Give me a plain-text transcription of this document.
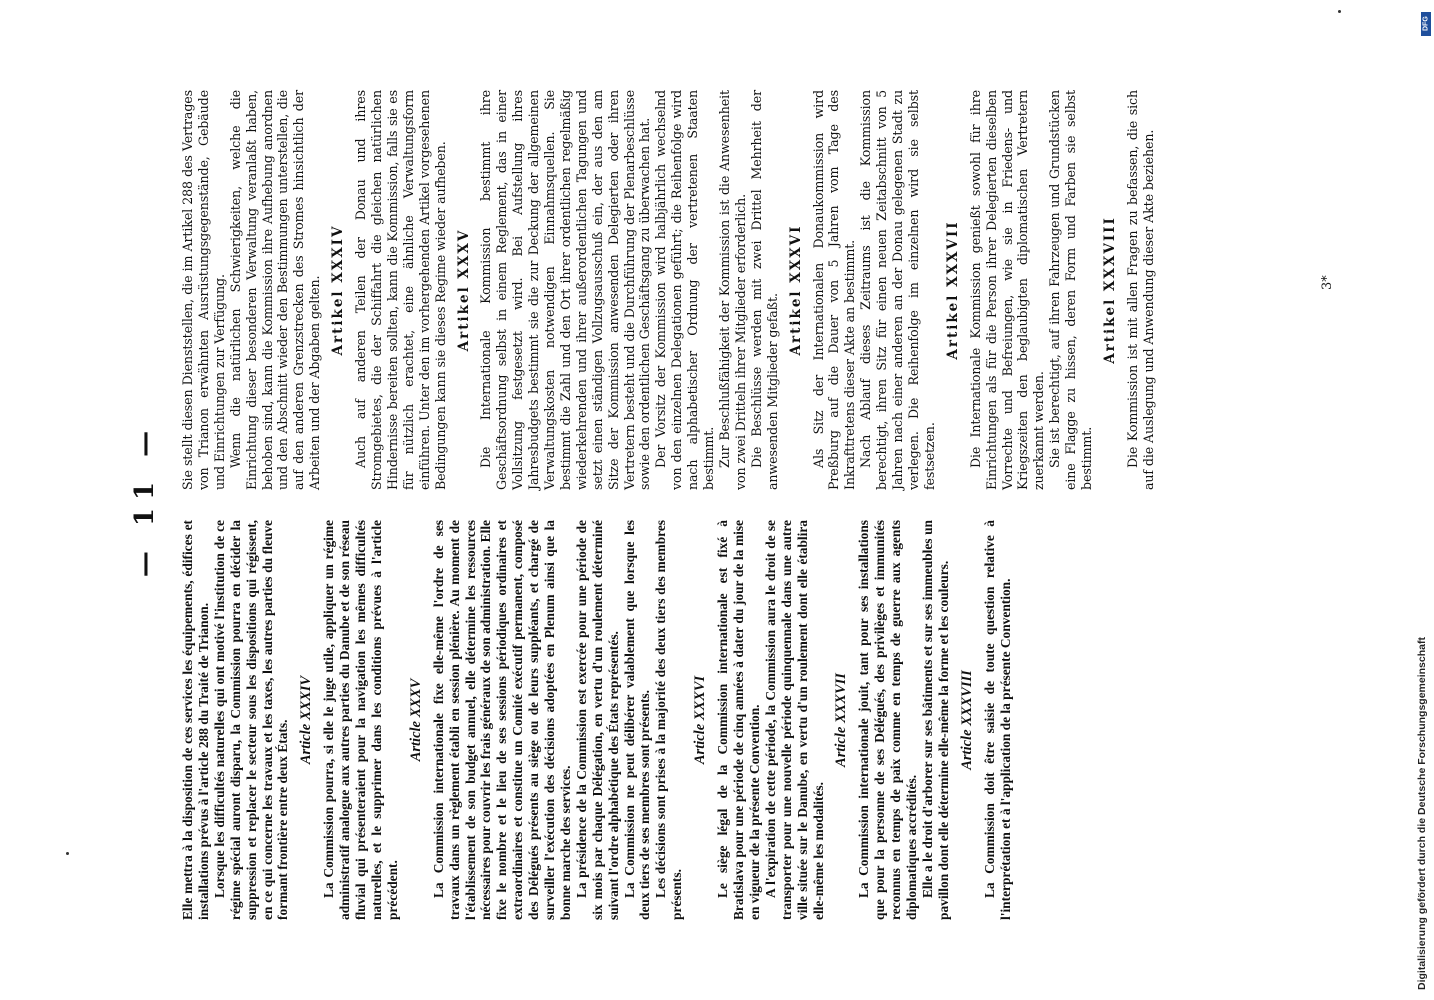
— 11 —

Elle mettra à la disposition de ces services les équipements, édifices et installations prévus à l'article 288 du Traité de Trianon. Lorsque les difficultés naturelles qui ont motivé l'institution de ce régime spécial auront disparu, la Commission pourra en décider la suppression et replacer le secteur sous les dispositions qui régissent, en ce qui concerne les travaux et les taxes, les autres parties du fleuve formant frontière entre deux États. Article XXXIV La Commission pourra, si elle le juge utile, appliquer un régime administratif analogue aux autres parties du Danube et de son réseau fluvial qui présenteraient pour la navigation les mêmes difficultés naturelles, et le supprimer dans les conditions prévues à l'article précédent.

Article XXXV La Commission internationale fixe elle-même l'ordre de ses travaux dans un règlement établi en session plénière. Au moment de l'établissement de son budget annuel, elle détermine les ressources nécessaires pour couvrir les frais généraux de son administration. Elle fixe le nombre et le lieu de ses sessions périodiques ordinaires et extraordinaires et constitue un Comité exécutif permanent, composé des Délégués présents au siège ou de leurs suppléants, et chargé de surveiller l'exécution des décisions adoptées en Plenum ainsi que la bonne marche des services. La présidence de la Commission est exercée pour une période de six mois par chaque Délégation, en vertu d'un roulement déterminé suivant l'ordre alphabétique des États représentés. La Commission ne peut délibérer valablement que lorsque les deux tiers de ses membres sont présents. Les décisions sont prises à la majorité des deux tiers des membres présents.

Article XXXVI Le siège légal de la Commission internationale est fixé à Bratislava pour une période de cinq années à dater du jour de la mise en vigueur de la présente Convention. A l'expiration de cette période, la Commission aura le droit de se transporter pour une nouvelle période quinquennale dans une autre ville située sur le Danube, en vertu d'un roulement dont elle établira elle-même les modalités.

Article XXXVII La Commission internationale jouit, tant pour ses installations que pour la personne de ses Délégués, des privilèges et immunités reconnus en temps de paix comme en temps de guerre aux agents diplomatiques accrédités. Elle a le droit d'arborer sur ses bâtiments et sur ses immeubles un pavillon dont elle détermine elle-même la forme et les couleurs. Article XXXVIII La Commission doit être saisie de toute question relative à l'interprétation et à l'application de la présente Convention.

Sie stellt diesen Dienststellen, die im Artikel 288 des Vertrages von Trianon erwähnten Ausrüstungsgegenstände, Gebäude und Einrichtungen zur Verfügung. Wenn die natürlichen Schwierigkeiten, welche die Einrichtung dieser besonderen Verwaltung veranlaßt haben, behoben sind, kann die Kommission ihre Aufhebung anordnen und den Abschnitt wieder den Bestimmungen unterstellen, die auf den anderen Grenzstrecken des Stromes hinsichtlich der Arbeiten und der Abgaben gelten. Artikel XXXIV Auch auf anderen Teilen der Donau und ihres Stromgebietes, die der Schiffahrt die gleichen natürlichen Hindernisse bereiten sollten, kann die Kommission, falls sie es für nützlich erachtet, eine ähnliche Verwaltungsform einführen. Unter den im vorhergehenden Artikel vorgesehenen Bedingungen kann sie dieses Regime wieder aufheben. Artikel XXXV Die Internationale Kommission bestimmt ihre Geschäftsordnung selbst in einem Reglement, das in einer Vollsitzung festgesetzt wird. Bei Aufstellung ihres Jahresbudgets bestimmt sie die zur Deckung der allgemeinen Verwaltungskosten notwendigen Einnahmsquellen. Sie bestimmt die Zahl und den Ort ihrer ordentlichen regelmäßig wiederkehrenden und ihrer außerordentlichen Tagungen und setzt einen ständigen Vollzugsausschuß ein, der aus den am Sitze der Kommission anwesenden Delegierten oder ihren Vertretern besteht und die Durchführung der Plenarbeschlüsse sowie den ordentlichen Geschäftsgang zu überwachen hat. Der Vorsitz der Kommission wird halbjährlich wechselnd von den einzelnen Delegationen geführt; die Reihenfolge wird nach alphabetischer Ordnung der vertretenen Staaten bestimmt. Zur Beschlußfähigkeit der Kommission ist die Anwesenheit von zwei Dritteln ihrer Mitglieder erforderlich. Die Beschlüsse werden mit zwei Drittel Mehrheit der anwesenden Mitglieder gefaßt.

Artikel XXXVI Als Sitz der Internationalen Donaukommission wird Preßburg auf die Dauer von 5 Jahren vom Tage des Inkrafttretens dieser Akte an bestimmt. Nach Ablauf dieses Zeitraums ist die Kommission berechtigt, ihren Sitz für einen neuen Zeitabschnitt von 5 Jahren nach einer anderen an der Donau gelegenen Stadt zu verlegen. Die Reihenfolge im einzelnen wird sie selbst festsetzen.

Artikel XXXVII Die Internationale Kommission genießt sowohl für ihre Einrichtungen als für die Person ihrer Delegierten dieselben Vorrechte und Befreiungen, wie sie in Friedens- und Kriegszeiten den beglaubigten diplomatischen Vertretern zuerkannt werden. Sie ist berechtigt, auf ihren Fahrzeugen und Grundstücken eine Flagge zu hissen, deren Form und Farben sie selbst bestimmt.

Artikel XXXVIII Die Kommission ist mit allen Fragen zu befassen, die sich auf die Auslegung und Anwendung dieser Akte beziehen.	3*
DFG
Digitalisierung gefördert durch die Deutsche Forschungsgemeinschaft
